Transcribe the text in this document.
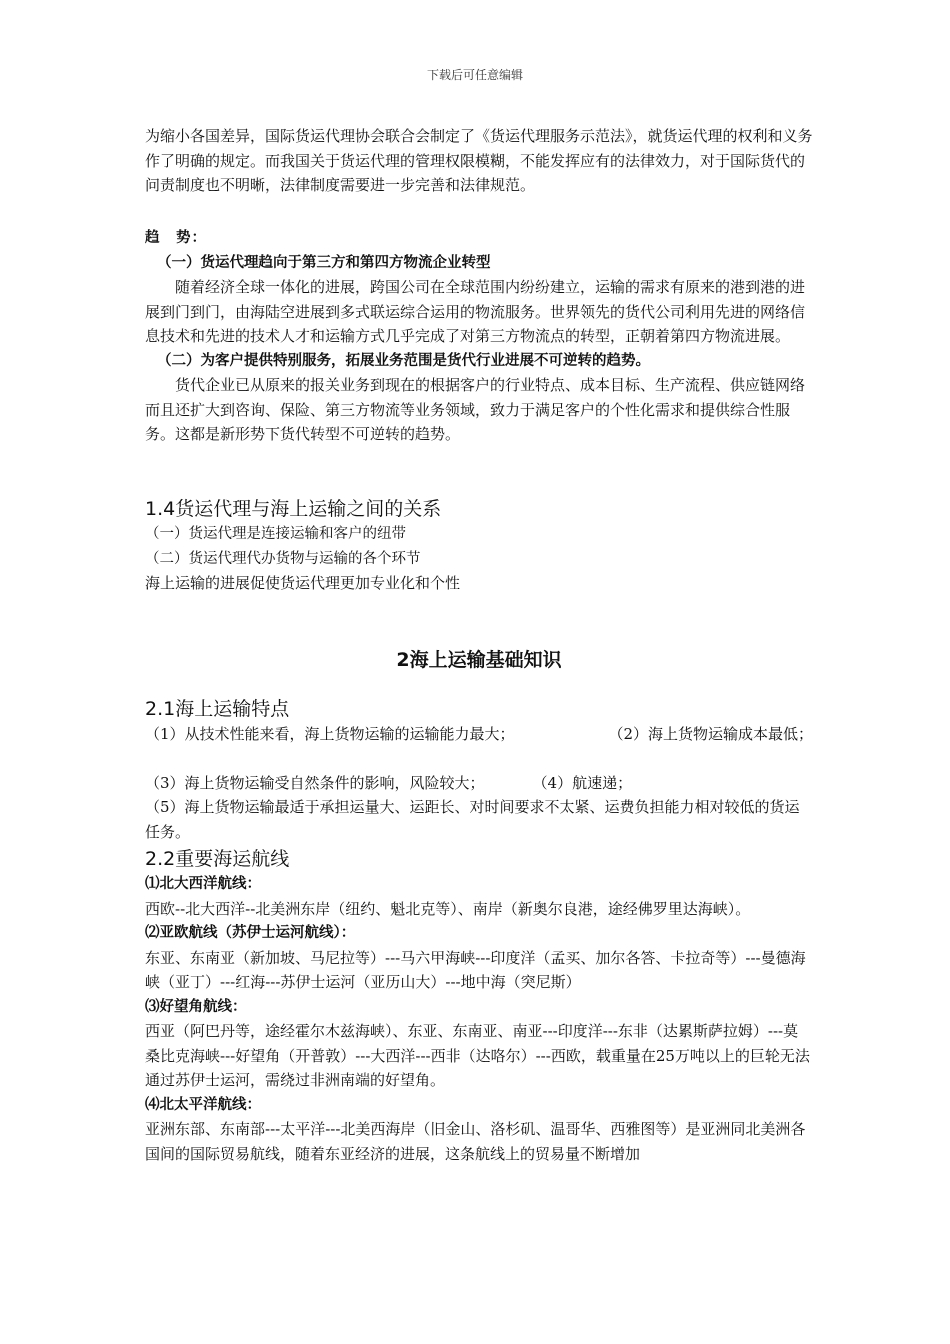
下载后可任意编辑

为缩小各国差异，国际货运代理协会联合会制定了《货运代理服务示范法》，就货运代理的权利和义务作了明确的规定。而我国关于货运代理的管理权限模糊，不能发挥应有的法律效力，对于国际货代的问责制度也不明晰，法律制度需要进一步完善和法律规范。

趋　势：

（一）货运代理趋向于第三方和第四方物流企业转型

随着经济全球一体化的进展，跨国公司在全球范围内纷纷建立，运输的需求有原来的港到港的进展到门到门，由海陆空进展到多式联运综合运用的物流服务。世界领先的货代公司利用先进的网络信息技术和先进的技术人才和运输方式几乎完成了对第三方物流点的转型，正朝着第四方物流进展。

（二）为客户提供特别服务，拓展业务范围是货代行业进展不可逆转的趋势。

货代企业已从原来的报关业务到现在的根据客户的行业特点、成本目标、生产流程、供应链网络而且还扩大到咨询、保险、第三方物流等业务领域，致力于满足客户的个性化需求和提供综合性服务。这都是新形势下货代转型不可逆转的趋势。

1.4货运代理与海上运输之间的关系

（一）货运代理是连接运输和客户的纽带

（二）货运代理代办货物与运输的各个环节

海上运输的进展促使货运代理更加专业化和个性

2海上运输基础知识

2.1海上运输特点

（1）从技术性能来看，海上货物运输的运输能力最大；	（2）海上货物运输成本最低；

（3）海上货物运输受自然条件的影响，风险较大；	（4）航速递；

（5）海上货物运输最适于承担运量大、运距长、对时间要求不太紧、运费负担能力相对较低的货运任务。

2.2重要海运航线

⑴北大西洋航线：

西欧--北大西洋--北美洲东岸（纽约、魁北克等）、南岸（新奥尔良港，途经佛罗里达海峡）。

⑵亚欧航线（苏伊士运河航线）：

东亚、东南亚（新加坡、马尼拉等）---马六甲海峡---印度洋（孟买、加尔各答、卡拉奇等）---曼德海峡（亚丁）---红海---苏伊士运河（亚历山大）---地中海（突尼斯）

⑶好望角航线：

西亚（阿巴丹等，途经霍尔木兹海峡）、东亚、东南亚、南亚---印度洋---东非（达累斯萨拉姆）---莫桑比克海峡---好望角（开普敦）---大西洋---西非（达咯尔）---西欧，载重量在25万吨以上的巨轮无法通过苏伊士运河，需绕过非洲南端的好望角。

⑷北太平洋航线：

亚洲东部、东南部---太平洋---北美西海岸（旧金山、洛杉矶、温哥华、西雅图等）是亚洲同北美洲各国间的国际贸易航线，随着东亚经济的进展，这条航线上的贸易量不断增加
